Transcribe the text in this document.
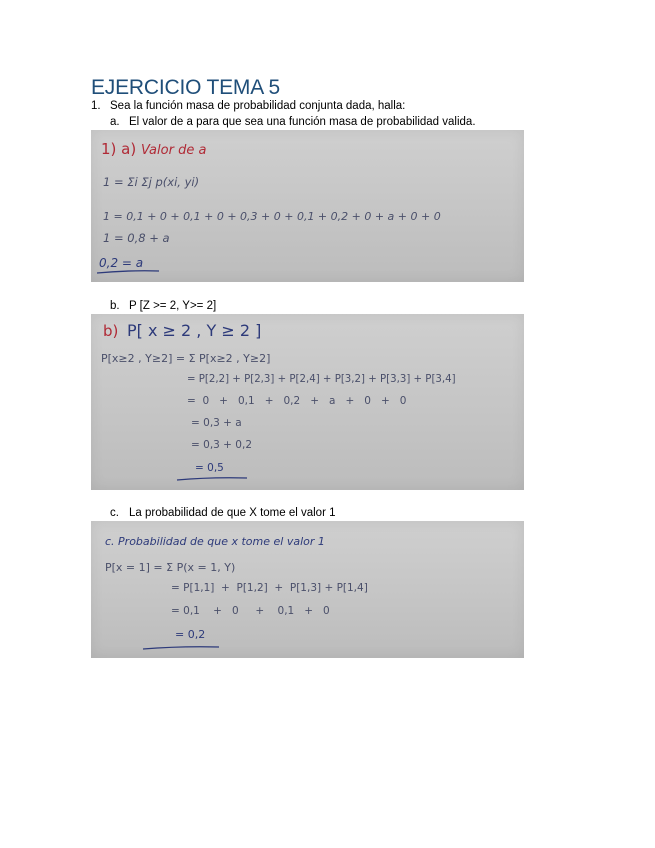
EJERCICIO TEMA 5
1. Sea la función masa de probabilidad conjunta dada, halla:
a. El valor de a para que sea una función masa de probabilidad valida.
1) a) Valor de a
1 = Σi Σj p(xi, yi)
1 = 0,1 + 0 + 0,1 + 0 + 0,3 + 0 + 0,1 + 0,2 + 0 + a + 0 + 0
1 = 0,8 + a
0,2 = a
b. P [Z >= 2, Y>= 2]
b) P[ x ≥ 2 , Y ≥ 2 ]
P[x≥2 , Y≥2] = Σ P[x≥2 , Y≥2]
= P[2,2] + P[2,3] + P[2,4] + P[3,2] + P[3,3] + P[3,4]
=  0   +   0,1   +   0,2   +   a   +   0   +   0
= 0,3 + a
= 0,3 + 0,2
= 0,5
c. La probabilidad de que X tome el valor 1
c. Probabilidad de que x tome el valor 1
P[x = 1] = Σ P(x = 1, Y)
= P[1,1]  +  P[1,2]  +  P[1,3] + P[1,4]
= 0,1    +   0     +    0,1   +   0
= 0,2
